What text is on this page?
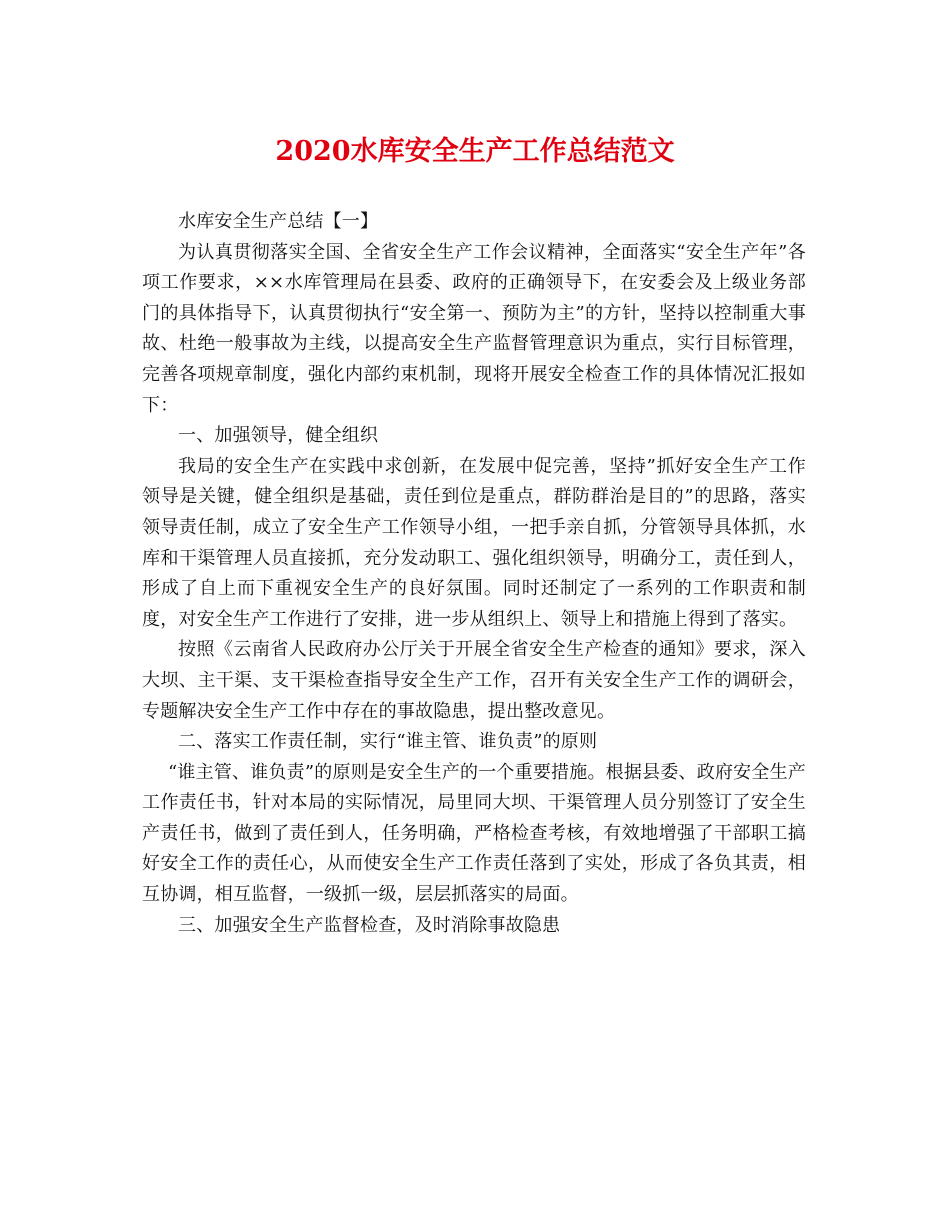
2020水库安全生产工作总结范文

水库安全生产总结【一】

为认真贯彻落实全国、全省安全生产工作会议精神，全面落实“安全生产年”各项工作要求，××水库管理局在县委、政府的正确领导下，在安委会及上级业务部门的具体指导下，认真贯彻执行“安全第一、预防为主”的方针，坚持以控制重大事故、杜绝一般事故为主线，以提高安全生产监督管理意识为重点，实行目标管理，完善各项规章制度，强化内部约束机制，现将开展安全检查工作的具体情况汇报如下：

一、加强领导，健全组织

我局的安全生产在实践中求创新，在发展中促完善，坚持”抓好安全生产工作领导是关键，健全组织是基础，责任到位是重点，群防群治是目的”的思路，落实领导责任制，成立了安全生产工作领导小组，一把手亲自抓，分管领导具体抓，水库和干渠管理人员直接抓，充分发动职工、强化组织领导，明确分工，责任到人，形成了自上而下重视安全生产的良好氛围。同时还制定了一系列的工作职责和制度，对安全生产工作进行了安排，进一步从组织上、领导上和措施上得到了落实。

按照《云南省人民政府办公厅关于开展全省安全生产检查的通知》要求，深入大坝、主干渠、支干渠检查指导安全生产工作，召开有关安全生产工作的调研会，专题解决安全生产工作中存在的事故隐患，提出整改意见。

二、落实工作责任制，实行“谁主管、谁负责”的原则

“谁主管、谁负责”的原则是安全生产的一个重要措施。根据县委、政府安全生产工作责任书，针对本局的实际情况，局里同大坝、干渠管理人员分别签订了安全生产责任书，做到了责任到人，任务明确，严格检查考核，有效地增强了干部职工搞好安全工作的责任心，从而使安全生产工作责任落到了实处，形成了各负其责，相互协调，相互监督，一级抓一级，层层抓落实的局面。

三、加强安全生产监督检查，及时消除事故隐患
